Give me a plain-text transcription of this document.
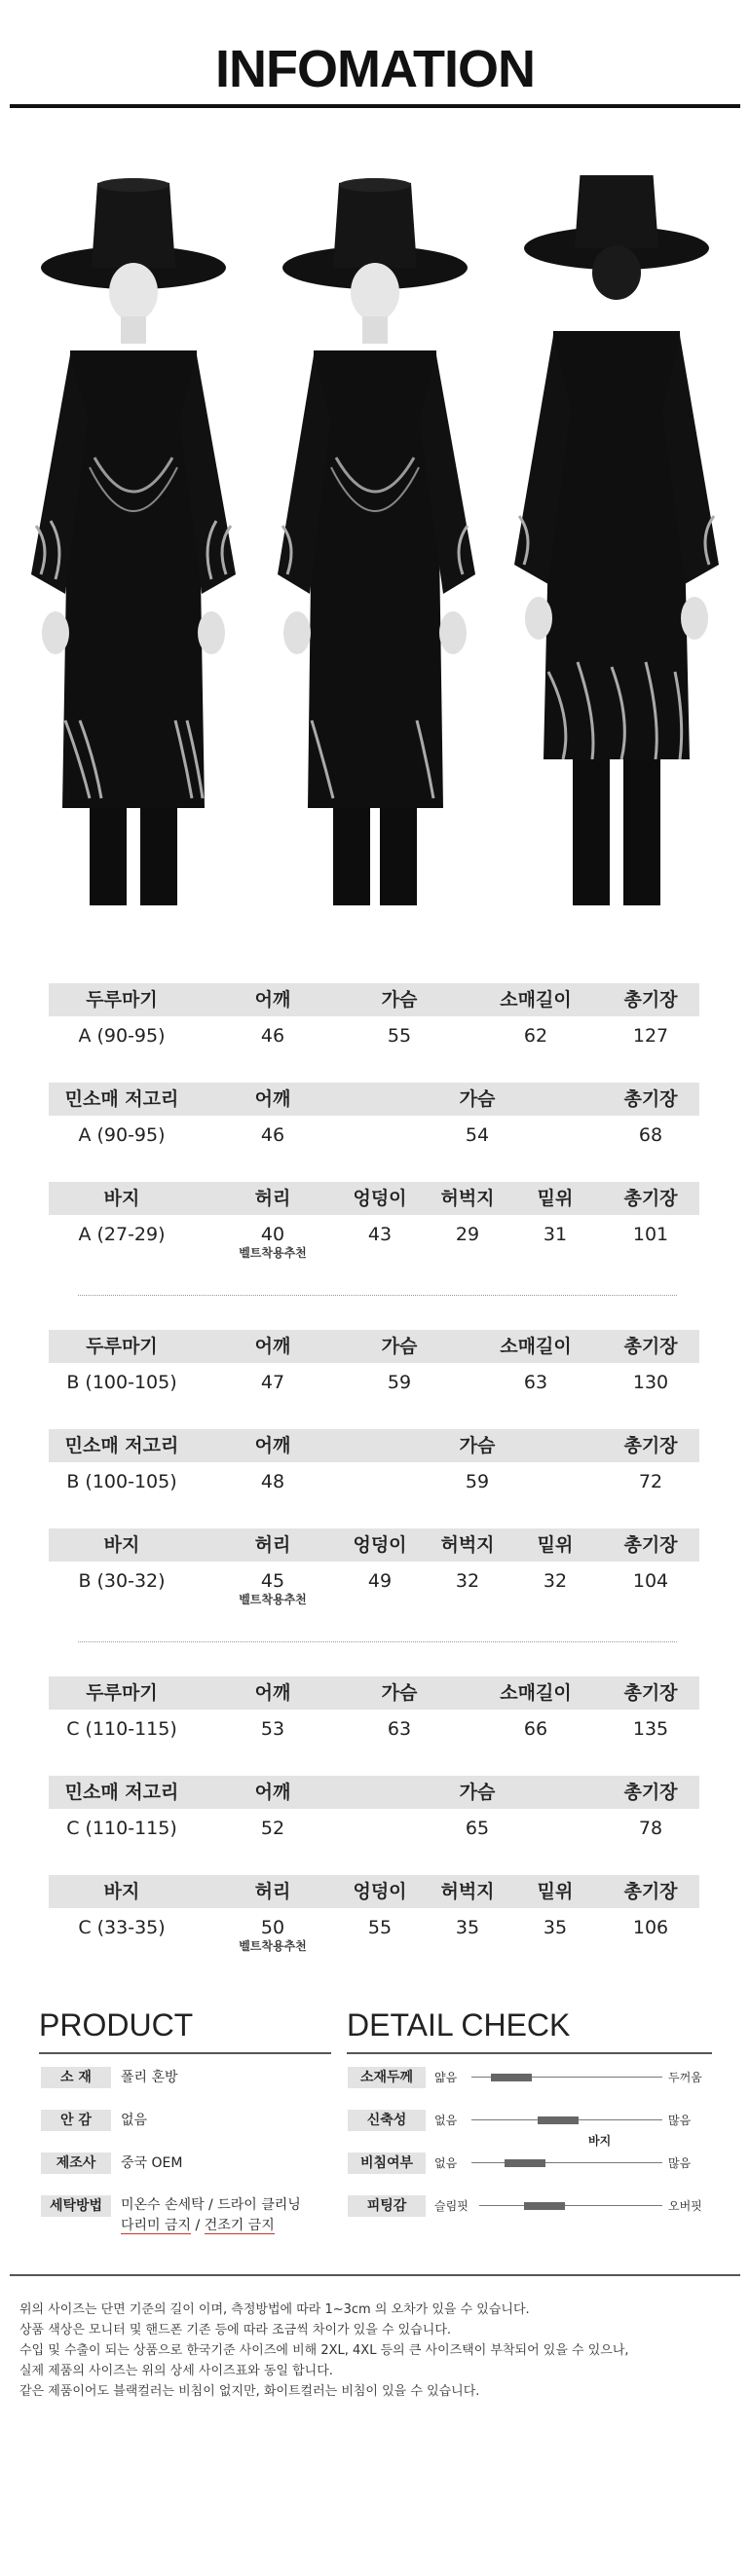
INFOMATION
두루마기	어깨	가슴	소매길이	총기장
A (90-95)	46	55	62	127
민소매 저고리	어깨	가슴	총기장
A (90-95)	46	54	68
바지	허리	엉덩이	허벅지	밑위	총기장
A (27-29)	40	43	29	31	101
벨트착용추천
두루마기	어깨	가슴	소매길이	총기장
B (100-105)	47	59	63	130
민소매 저고리	어깨	가슴	총기장
B (100-105)	48	59	72
바지	허리	엉덩이	허벅지	밑위	총기장
B (30-32)	45	49	32	32	104
벨트착용추천
두루마기	어깨	가슴	소매길이	총기장
C (110-115)	53	63	66	135
민소매 저고리	어깨	가슴	총기장
C (110-115)	52	65	78
바지	허리	엉덩이	허벅지	밑위	총기장
C (33-35)	50	55	35	35	106
벨트착용추천
PRODUCT
소 재	폴리 혼방
안 감	없음
제조사	중국 OEM
세탁방법	미온수 손세탁 / 드라이 클리닝
다리미 금지 / 건조기 금지
DETAIL CHECK
소재두께	얇음	두꺼움
신축성	없음	많음
바지
비침여부	없음	많음
피팅감	슬림핏	오버핏
위의 사이즈는 단면 기준의 길이 이며, 측정방법에 따라 1~3cm 의 오차가 있을 수 있습니다.
상품 색상은 모니터 및 핸드폰 기존 등에 따라 조금씩 차이가 있을 수 있습니다.
수입 및 수출이 되는 상품으로 한국기준 사이즈에 비해 2XL, 4XL 등의 큰 사이즈택이 부착되어 있을 수 있으나,
실제 제품의 사이즈는 위의 상세 사이즈표와 동일 합니다.
같은 제품이어도 블랙컬러는 비침이 없지만, 화이트컬러는 비침이 있을 수 있습니다.
